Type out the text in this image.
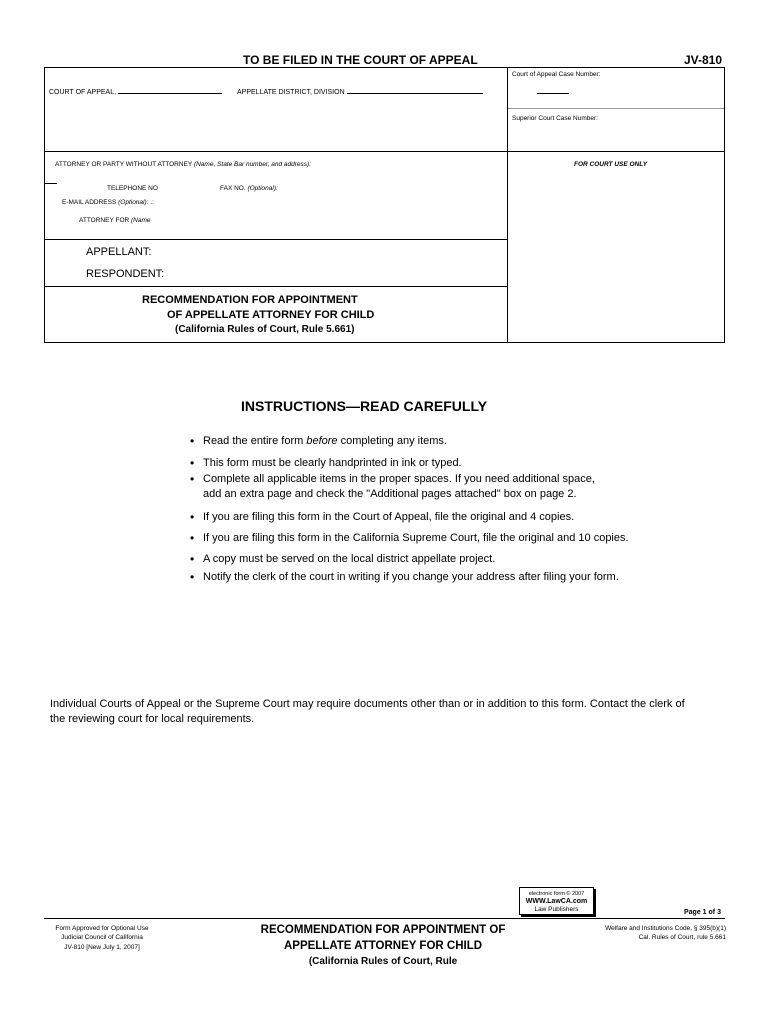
TO BE FILED IN THE COURT OF APPEAL	JV-810
COURT OF APPEAL,	APPELLATE DISTRICT, DIVISION
Court of Appeal Case Number:
Superior Court Case Number:
ATTORNEY OR PARTY WITHOUT ATTORNEY (Name, State Bar number, and address):	FOR COURT USE ONLY
TELEPHONE NO	FAX NO. (Optional):
E-MAIL ADDRESS (Optional): .:
ATTORNEY FOR (Name
APPELLANT:
RESPONDENT:
RECOMMENDATION FOR APPOINTMENT
OF APPELLATE ATTORNEY FOR CHILD
(California Rules of Court, Rule 5.661)
INSTRUCTIONS—READ CAREFULLY
• Read the entire form before completing any items.
• This form must be clearly handprinted in ink or typed.
• Complete all applicable items in the proper spaces. If you need additional space,
add an extra page and check the "Additional pages attached" box on page 2.
• If you are filing this form in the Court of Appeal, file the original and 4 copies.
• If you are filing this form in the California Supreme Court, file the original and 10 copies.
• A copy must be served on the local district appellate project.
• Notify the clerk of the court in writing if you change your address after filing your form.
Individual Courts of Appeal or the Supreme Court may require documents other than or in addition to this form. Contact the clerk of
the reviewing court for local requirements.
electronic form © 2007
WWW.LawCA.com
Law Publishers	Page 1 of 3
Form Approved for Optional Use
Judicial Council of California
JV-810 [New July 1, 2007]
RECOMMENDATION FOR APPOINTMENT OF
APPELLATE ATTORNEY FOR CHILD
(California Rules of Court, Rule
Welfare and Institutions Code, § 395(b)(1)
Cal. Rules of Court, rule 5.661
